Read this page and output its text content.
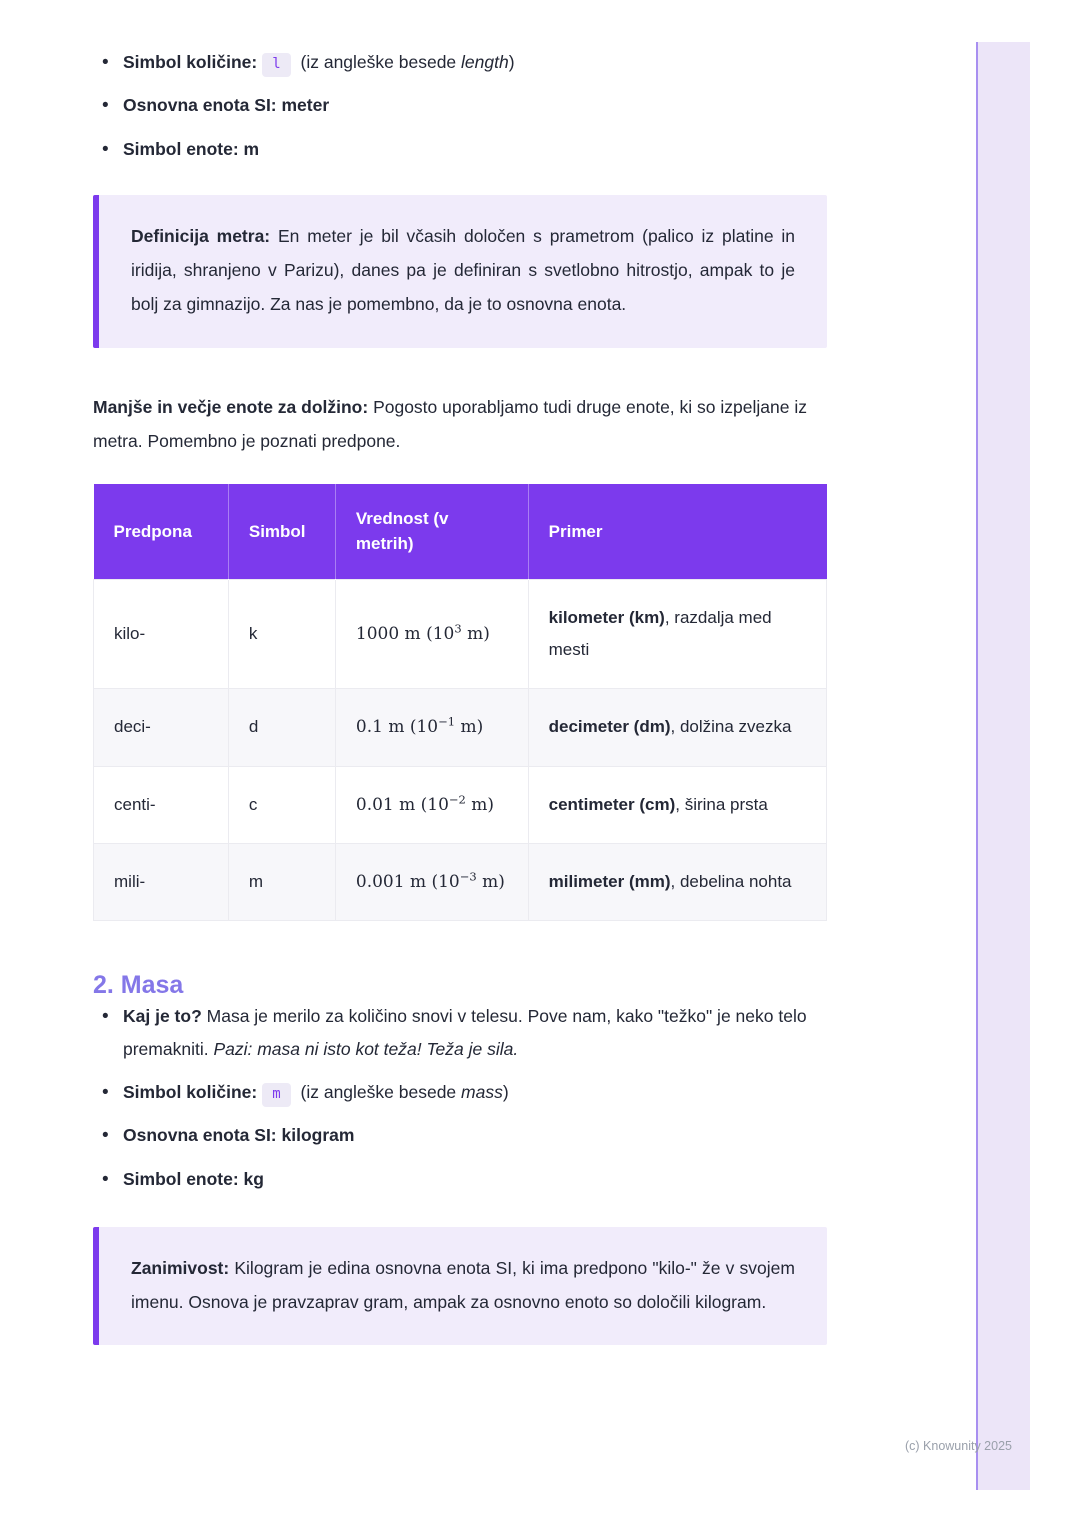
(c) Knowunity 2025
• Simbol količine: l (iz angleške besede length)
• Osnovna enota SI: meter
• Simbol enote: m
Definicija metra: En meter je bil včasih določen s prametrom (palico iz platine in iridija, shranjeno v Parizu), danes pa je definiran s svetlobno hitrostjo, ampak to je bolj za gimnazijo. Za nas je pomembno, da je to osnovna enota.

Manjše in večje enote za dolžino: Pogosto uporabljamo tudi druge enote, ki so izpeljane iz metra. Pomembno je poznati predpone.

Predpona	Simbol	Vrednost (v metrih)	Primer
kilo-	k	1000 m ($10^3$ m)	kilometer (km), razdalja med mesti
deci-	d	0.1 m ($10^{-1}$ m)	decimeter (dm), dolžina zvezka
centi-	c	0.01 m ($10^{-2}$ m)	centimeter (cm), širina prsta
mili-	m	0.001 m ($10^{-3}$ m)	milimeter (mm), debelina nohta
2. Masa
• Kaj je to? Masa je merilo za količino snovi v telesu. Pove nam, kako "težko" je neko telo premakniti. Pazi: masa ni isto kot teža! Teža je sila.
• Simbol količine: m (iz angleške besede mass)
• Osnovna enota SI: kilogram
• Simbol enote: kg
Zanimivost: Kilogram je edina osnovna enota SI, ki ima predpono "kilo-" že v svojem imenu. Osnova je pravzaprav gram, ampak za osnovno enoto so določili kilogram.
